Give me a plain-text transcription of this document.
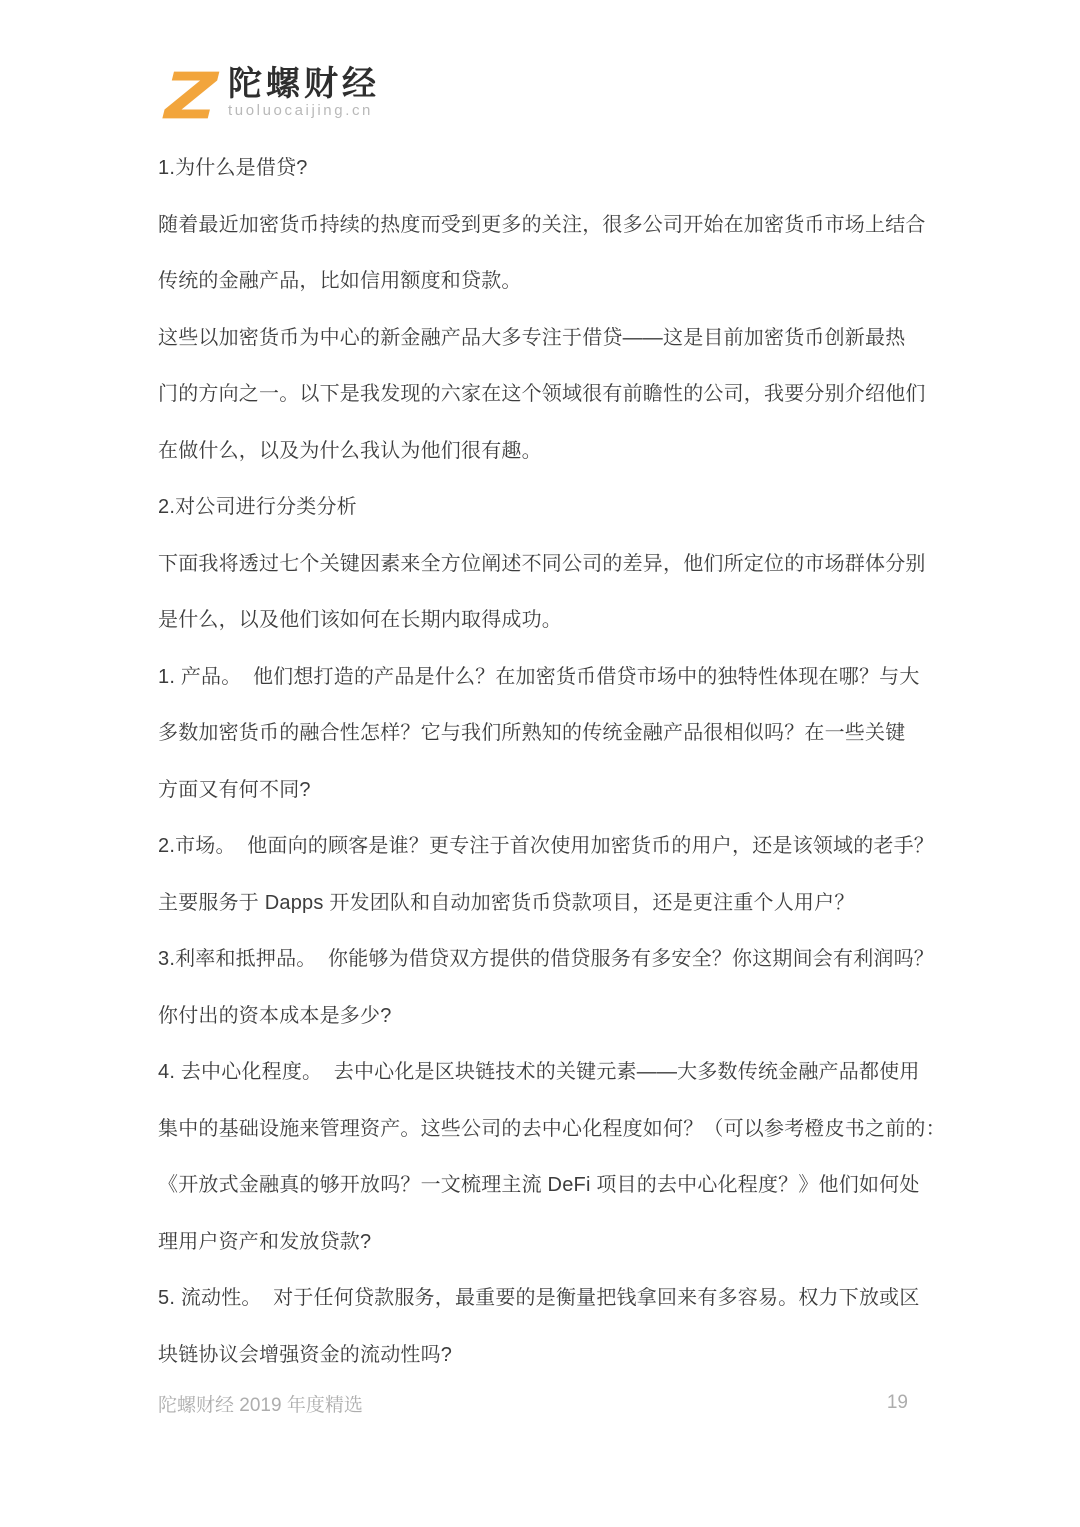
陀螺财经
tuoluocaijing.cn
1.为什么是借贷?
随着最近加密货币持续的热度而受到更多的关注，很多公司开始在加密货币市场上结合
传统的金融产品，比如信用额度和贷款。
这些以加密货币为中心的新金融产品大多专注于借贷——这是目前加密货币创新最热
门的方向之一。以下是我发现的六家在这个领域很有前瞻性的公司，我要分别介绍他们
在做什么，以及为什么我认为他们很有趣。
2.对公司进行分类分析
下面我将透过七个关键因素来全方位阐述不同公司的差异，他们所定位的市场群体分别
是什么，以及他们该如何在长期内取得成功。
1. 产品。  他们想打造的产品是什么？在加密货币借贷市场中的独特性体现在哪？与大
多数加密货币的融合性怎样？它与我们所熟知的传统金融产品很相似吗？在一些关键
方面又有何不同?
2.市场。  他面向的顾客是谁？更专注于首次使用加密货币的用户，还是该领域的老手？
主要服务于 Dapps 开发团队和自动加密货币贷款项目，还是更注重个人用户？
3.利率和抵押品。  你能够为借贷双方提供的借贷服务有多安全？你这期间会有利润吗？
你付出的资本成本是多少?
4. 去中心化程度。  去中心化是区块链技术的关键元素——大多数传统金融产品都使用
集中的基础设施来管理资产。这些公司的去中心化程度如何？（可以参考橙皮书之前的：
《开放式金融真的够开放吗？一文梳理主流 DeFi 项目的去中心化程度？》他们如何处
理用户资产和发放贷款?
5. 流动性。  对于任何贷款服务，最重要的是衡量把钱拿回来有多容易。权力下放或区
块链协议会增强资金的流动性吗?
陀螺财经 2019 年度精选	19
